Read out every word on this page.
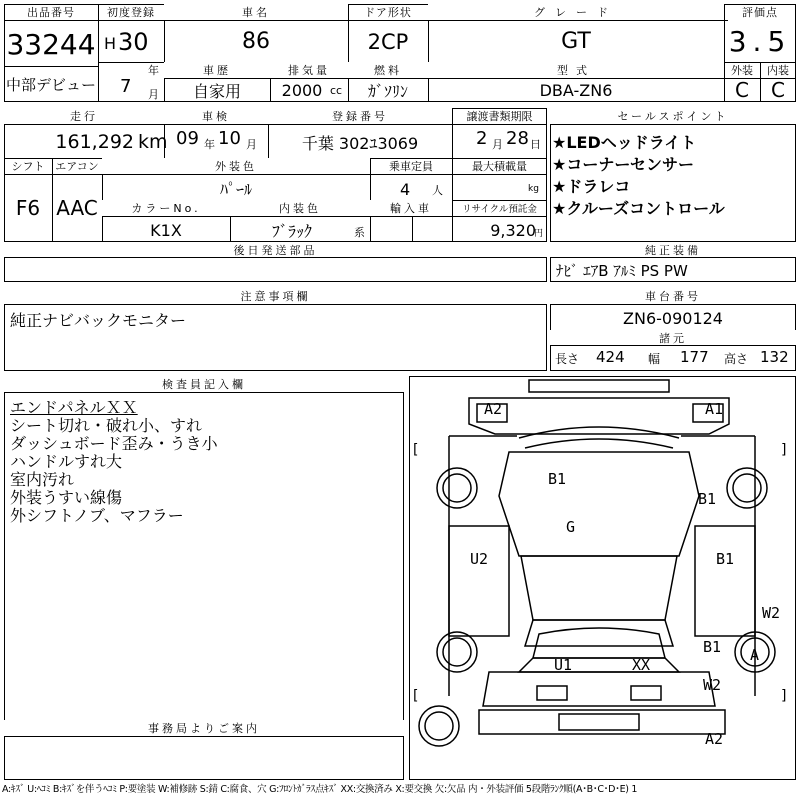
出品番号
33244
中部デビュー
初度登録
H 30
年
7 月
車名
86
ドア形状
2CP
グレード
GT
評価点
3.5
外装	内装
C	C
車歴
自家用
排気量
2000 cc
燃料
ｶﾞｿﾘﾝ
型式
DBA-ZN6
走行
161,292 km
車検
09 年 10 月
登録番号
千葉 302ﾕ3069
譲渡書類期限
2 月 28 日
シフト
F6
エアコン
AAC
外装色
ﾊﾟｰﾙ
乗車定員
4 人
最大積載量
kg
カラーNo.
K1X
内装色
ﾌﾞﾗｯｸ	系
輸入車	リサイクル預託金
9,320
円
後日発送部品
セールスポイント
★LEDヘッドライト
★コーナーセンサー
★ドラレコ
★クルーズコントロール
純正装備
ﾅﾋﾞ ｴｱB ｱﾙﾐ PS PW
注意事項欄
純正ナビバックモニター
車台番号
ZN6-090124
諸元
長さ 424 幅 177 高さ 132
検査員記入欄
エンドパネルＸＸ
シート切れ・破れ小、すれ
ダッシュボード歪み・うき小
ハンドルすれ大
室内汚れ
外装うすい線傷
外シフトノブ、マフラー
事務局よりご案内
[
[
]
]
A2	A1
B1
B1
G
U2	B1
W2
B1 A
U1	XX
W2
A2
A:ｷｽﾞ U:ﾍｺﾐ B:ｷｽﾞを伴うﾍｺﾐ P:要塗装 W:補修跡 S:錆 C:腐食、穴 G:ﾌﾛﾝﾄｶﾞﾗｽ点ｷｽﾞ XX:交換済み X:要交換 欠:欠品 内・外装評価 5段階ﾗﾝｸ順(A･B･C･D･E) 1
